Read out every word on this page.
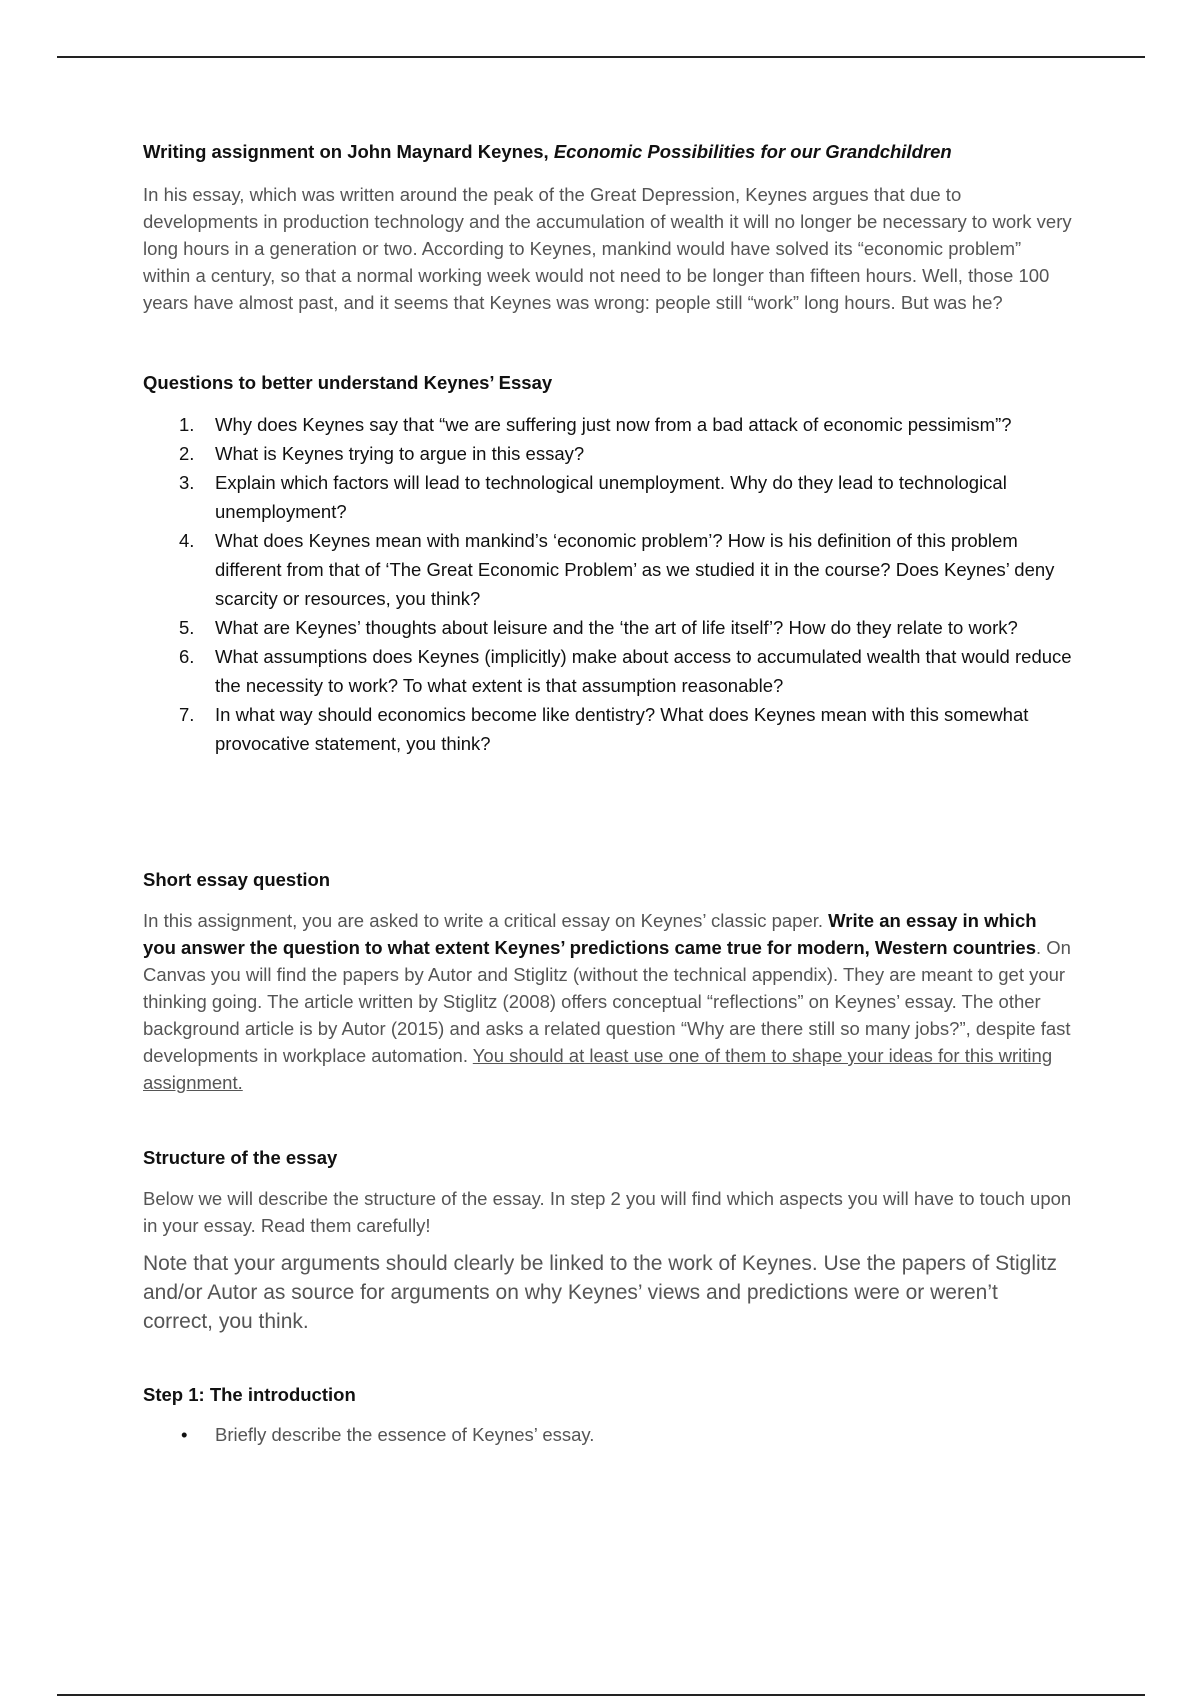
Writing assignment on John Maynard Keynes, Economic Possibilities for our Grandchildren

In his essay, which was written around the peak of the Great Depression, Keynes argues that due to developments in production technology and the accumulation of wealth it will no longer be necessary to work very long hours in a generation or two. According to Keynes, mankind would have solved its “economic problem” within a century, so that a normal working week would not need to be longer than fifteen hours. Well, those 100 years have almost past, and it seems that Keynes was wrong: people still “work” long hours. But was he?

Questions to better understand Keynes’ Essay
1. Why does Keynes say that “we are suffering just now from a bad attack of economic pessimism”?
2. What is Keynes trying to argue in this essay?
3. Explain which factors will lead to technological unemployment. Why do they lead to technological unemployment?
4. What does Keynes mean with mankind’s ‘economic problem’? How is his definition of this problem different from that of ‘The Great Economic Problem’ as we studied it in the course? Does Keynes’ deny scarcity or resources, you think?
5. What are Keynes’ thoughts about leisure and the ‘the art of life itself’? How do they relate to work?
6. What assumptions does Keynes (implicitly) make about access to accumulated wealth that would reduce the necessity to work? To what extent is that assumption reasonable?
7. In what way should economics become like dentistry? What does Keynes mean with this somewhat provocative statement, you think?
Short essay question

In this assignment, you are asked to write a critical essay on Keynes’ classic paper. Write an essay in which you answer the question to what extent Keynes’ predictions came true for modern, Western countries. On Canvas you will find the papers by Autor and Stiglitz (without the technical appendix). They are meant to get your thinking going. The article written by Stiglitz (2008) offers conceptual “reflections” on Keynes’ essay. The other background article is by Autor (2015) and asks a related question “Why are there still so many jobs?”, despite fast developments in workplace automation. You should at least use one of them to shape your ideas for this writing assignment.

Structure of the essay

Below we will describe the structure of the essay. In step 2 you will find which aspects you will have to touch upon in your essay. Read them carefully!

Note that your arguments should clearly be linked to the work of Keynes. Use the papers of Stiglitz and/or Autor as source for arguments on why Keynes’ views and predictions were or weren’t correct, you think.

Step 1: The introduction
• Briefly describe the essence of Keynes’ essay.
